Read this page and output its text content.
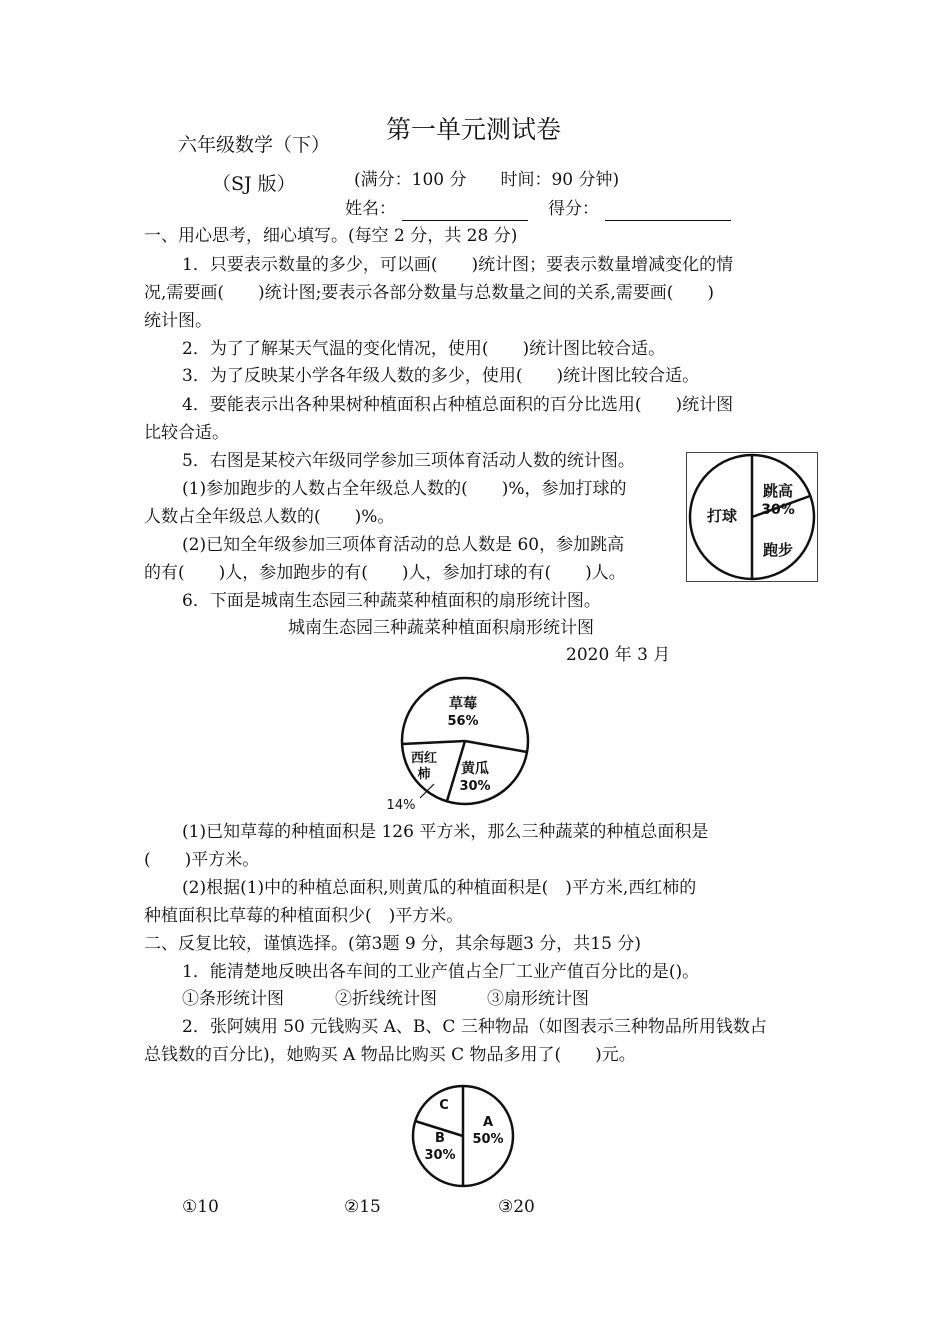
第一单元测试卷
六年级数学（下）
（SJ 版）	(满分：100 分　　时间：90 分钟)
姓名：	得分：
一、用心思考，细心填写。(每空 2 分，共 28 分)
1．只要表示数量的多少，可以画(　　)统计图；要表示数量增减变化的情
况,需要画(　　)统计图;要表示各部分数量与总数量之间的关系,需要画(　　)
统计图。
2．为了了解某天气温的变化情况，使用(　　)统计图比较合适。
3．为了反映某小学各年级人数的多少，使用(　　)统计图比较合适。
4．要能表示出各种果树种植面积占种植总面积的百分比选用(　　)统计图
比较合适。
5．右图是某校六年级同学参加三项体育活动人数的统计图。
(1)参加跑步的人数占全年级总人数的(　　)%，参加打球的
人数占全年级总人数的(　　)%。
(2)已知全年级参加三项体育活动的总人数是 60，参加跳高
的有(　　)人，参加跑步的有(　　)人，参加打球的有(　　)人。
跳高
30%
跑步
打球
6．下面是城南生态园三种蔬菜种植面积的扇形统计图。
城南生态园三种蔬菜种植面积扇形统计图
2020 年 3 月
草莓
56%
黄瓜
30%
西红
柿
14%
(1)已知草莓的种植面积是 126 平方米，那么三种蔬菜的种植总面积是
(　　)平方米。
(2)根据(1)中的种植总面积,则黄瓜的种植面积是(　)平方米,西红柿的
种植面积比草莓的种植面积少(　)平方米。
二、反复比较，谨慎选择。(第3题 9 分，其余每题3 分，共15 分)
1．能清楚地反映出各车间的工业产值占全厂工业产值百分比的是()。
①条形统计图	②折线统计图	③扇形统计图
2．张阿姨用 50 元钱购买 A、B、C 三种物品（如图表示三种物品所用钱数占
总钱数的百分比)，她购买 A 物品比购买 C 物品多用了(　　)元。
A
50%
B
30%
C
①10	②15	③20
